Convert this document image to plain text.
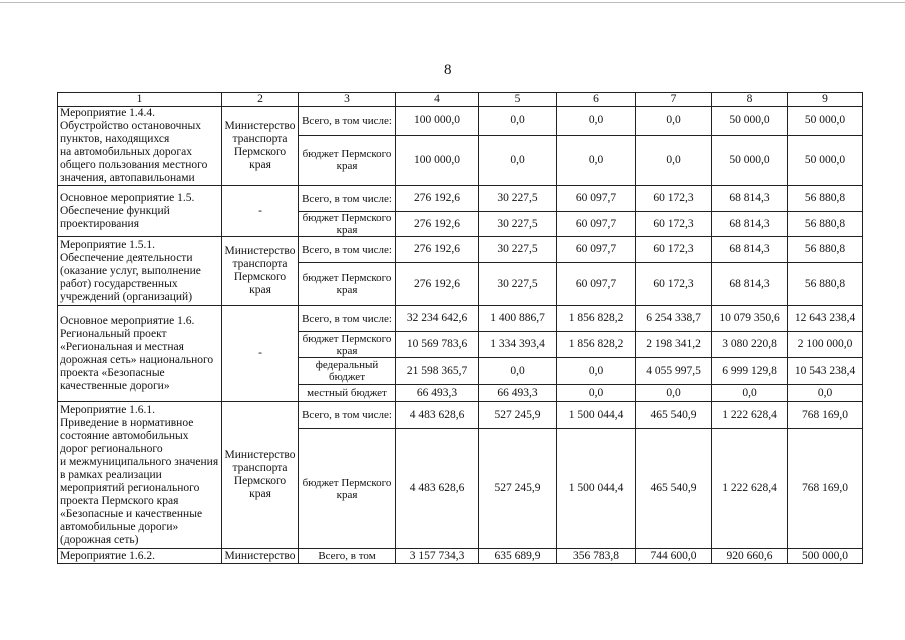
8
1	2	3	4	5	6	7	8	9
Мероприятие 1.4.4.
Обустройство остановочных пунктов, находящихся
на автомобильных дорогах общего пользования местного значения, автопавильонами	Министерство транспорта Пермского края	Всего, в том числе:	100 000,0	0,0	0,0	0,0	50 000,0	50 000,0
		бюджет Пермского края	100 000,0	0,0	0,0	0,0	50 000,0	50 000,0
Основное мероприятие 1.5.
Обеспечение функций проектирования	-	Всего, в том числе:	276 192,6	30 227,5	60 097,7	60 172,3	68 814,3	56 880,8
		бюджет Пермского края	276 192,6	30 227,5	60 097,7	60 172,3	68 814,3	56 880,8
Мероприятие 1.5.1.
Обеспечение деятельности (оказание услуг, выполнение работ) государственных учреждений (организаций)	Министерство транспорта Пермского края	Всего, в том числе:	276 192,6	30 227,5	60 097,7	60 172,3	68 814,3	56 880,8
		бюджет Пермского края	276 192,6	30 227,5	60 097,7	60 172,3	68 814,3	56 880,8
Основное мероприятие 1.6.
Региональный проект «Региональная и местная дорожная сеть» национального проекта «Безопасные качественные дороги»	-	Всего, в том числе:	32 234 642,6	1 400 886,7	1 856 828,2	6 254 338,7	10 079 350,6	12 643 238,4
		бюджет Пермского края	10 569 783,6	1 334 393,4	1 856 828,2	2 198 341,2	3 080 220,8	2 100 000,0
		федеральный бюджет	21 598 365,7	0,0	0,0	4 055 997,5	6 999 129,8	10 543 238,4
		местный бюджет	66 493,3	66 493,3	0,0	0,0	0,0	0,0
Мероприятие 1.6.1.
Приведение в нормативное состояние автомобильных дорог регионального
и межмуниципального значения в рамках реализации мероприятий регионального проекта Пермского края «Безопасные и качественные автомобильные дороги» (дорожная сеть)	Министерство транспорта Пермского края	Всего, в том числе:	4 483 628,6	527 245,9	1 500 044,4	465 540,9	1 222 628,4	768 169,0
		бюджет Пермского края	4 483 628,6	527 245,9	1 500 044,4	465 540,9	1 222 628,4	768 169,0
Мероприятие 1.6.2.	Министерство	Всего, в том	3 157 734,3	635 689,9	356 783,8	744 600,0	920 660,6	500 000,0
